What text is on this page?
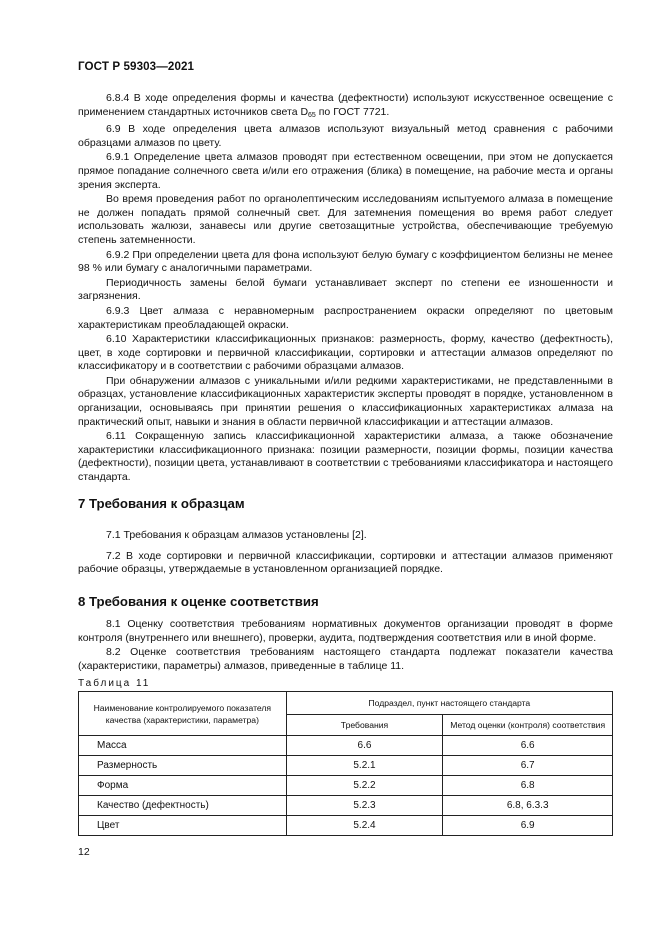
ГОСТ Р 59303—2021

6.8.4 В ходе определения формы и качества (дефектности) используют искусственное освещение с применением стандартных источников света $D_{65}$ по ГОСТ 7721.

6.9 В ходе определения цвета алмазов используют визуальный метод сравнения с рабочими образцами алмазов по цвету.

6.9.1 Определение цвета алмазов проводят при естественном освещении, при этом не допускается прямое попадание солнечного света и/или его отражения (блика) в помещение, на рабочие места и органы зрения эксперта.

Во время проведения работ по органолептическим исследованиям испытуемого алмаза в помещение не должен попадать прямой солнечный свет. Для затемнения помещения во время работ следует использовать жалюзи, занавесы или другие светозащитные устройства, обеспечивающие требуемую степень затемненности.

6.9.2 При определении цвета для фона используют белую бумагу с коэффициентом белизны не менее 98 % или бумагу с аналогичными параметрами.

Периодичность замены белой бумаги устанавливает эксперт по степени ее изношенности и загрязнения.

6.9.3 Цвет алмаза с неравномерным распространением окраски определяют по цветовым характеристикам преобладающей окраски.

6.10 Характеристики классификационных признаков: размерность, форму, качество (дефектность), цвет, в ходе сортировки и первичной классификации, сортировки и аттестации алмазов определяют по классификатору и в соответствии с рабочими образцами алмазов.

При обнаружении алмазов с уникальными и/или редкими характеристиками, не представленными в образцах, установление классификационных характеристик эксперты проводят в порядке, установленном в организации, основываясь при принятии решения о классификационных характеристиках алмаза на практический опыт, навыки и знания в области первичной классификации и аттестации алмазов.

6.11 Сокращенную запись классификационной характеристики алмаза, а также обозначение характеристики классификационного признака: позиции размерности, позиции формы, позиции качества (дефектности), позиции цвета, устанавливают в соответствии с требованиями классификатора и настоящего стандарта.

7 Требования к образцам

7.1 Требования к образцам алмазов установлены [2].

7.2 В ходе сортировки и первичной классификации, сортировки и аттестации алмазов применяют рабочие образцы, утверждаемые в установленном организацией порядке.

8 Требования к оценке соответствия

8.1 Оценку соответствия требованиям нормативных документов организации проводят в форме контроля (внутреннего или внешнего), проверки, аудита, подтверждения соответствия или в иной форме.

8.2 Оценке соответствия требованиям настоящего стандарта подлежат показатели качества (характеристики, параметры) алмазов, приведенные в таблице 11.

Таблица 11
Наименование контролируемого показателя качества (характеристики, параметра)	Подраздел, пункт настоящего стандарта	
	Требования	Метод оценки (контроля) соответствия
Масса	6.6	6.6
Размерность	5.2.1	6.7
Форма	5.2.2	6.8
Качество (дефектность)	5.2.3	6.8, 6.3.3
Цвет	5.2.4	6.9
12
